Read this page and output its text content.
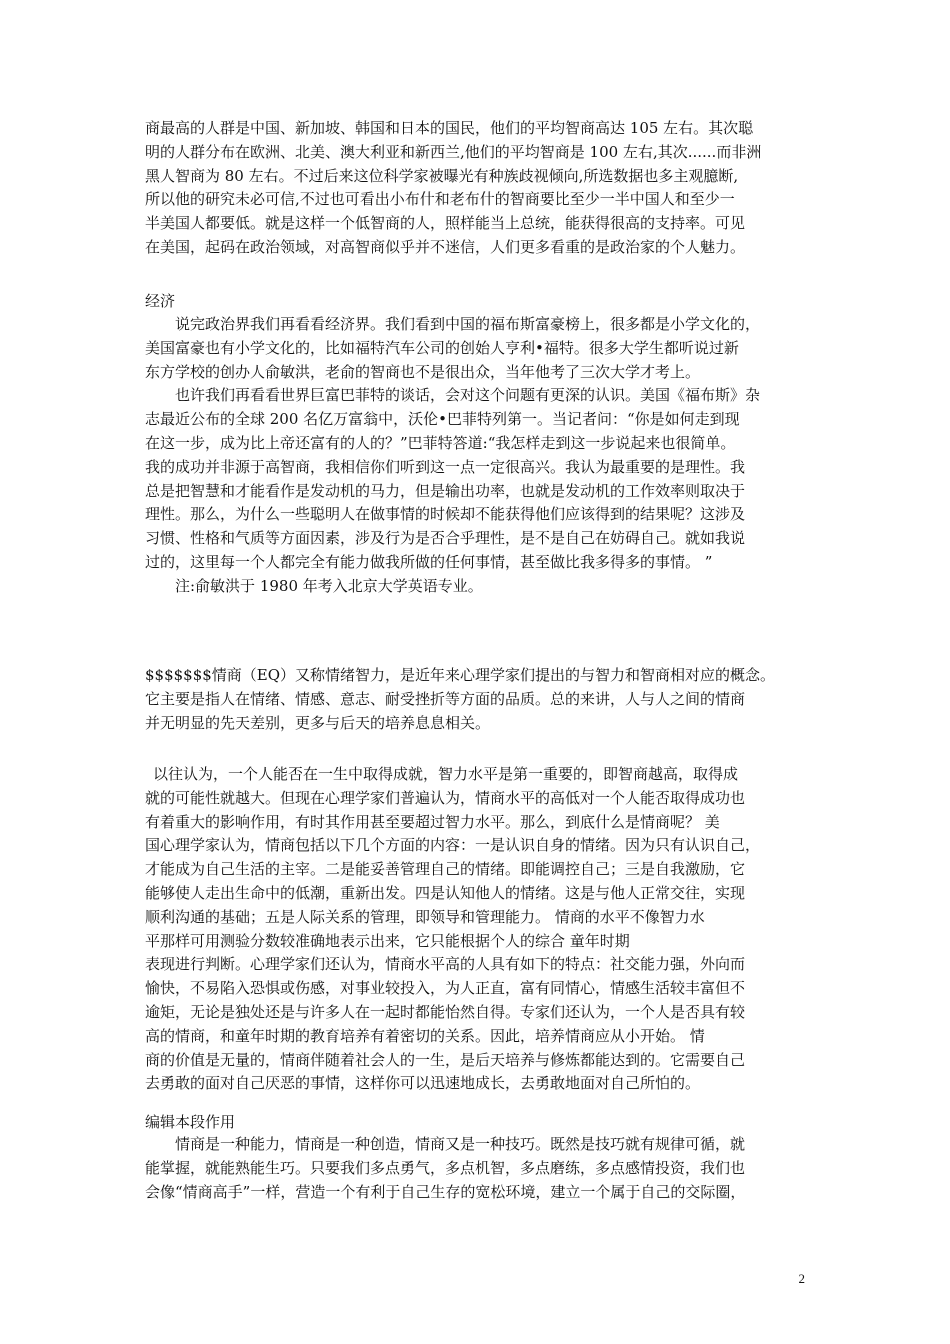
商最高的人群是中国、新加坡、韩国和日本的国民，他们的平均智商高达 105 左右。其次聪
明的人群分布在欧洲、北美、澳大利亚和新西兰,他们的平均智商是 100 左右,其次......而非洲
黑人智商为 80 左右。不过后来这位科学家被曝光有种族歧视倾向,所选数据也多主观臆断,
所以他的研究未必可信,不过也可看出小布什和老布什的智商要比至少一半中国人和至少一
半美国人都要低。就是这样一个低智商的人，照样能当上总统，能获得很高的支持率。可见
在美国，起码在政治领域，对高智商似乎并不迷信，人们更多看重的是政治家的个人魅力。
经济
说完政治界我们再看看经济界。我们看到中国的福布斯富豪榜上，很多都是小学文化的，
美国富豪也有小学文化的，比如福特汽车公司的创始人亨利•福特。很多大学生都听说过新
东方学校的创办人俞敏洪，老俞的智商也不是很出众，当年他考了三次大学才考上。
也许我们再看看世界巨富巴菲特的谈话，会对这个问题有更深的认识。美国《福布斯》杂
志最近公布的全球 200 名亿万富翁中，沃伦•巴菲特列第一。当记者问：“你是如何走到现
在这一步，成为比上帝还富有的人的？”巴菲特答道:“我怎样走到这一步说起来也很简单。
我的成功并非源于高智商，我相信你们听到这一点一定很高兴。我认为最重要的是理性。我
总是把智慧和才能看作是发动机的马力，但是输出功率，也就是发动机的工作效率则取决于
理性。那么，为什么一些聪明人在做事情的时候却不能获得他们应该得到的结果呢？这涉及
习惯、性格和气质等方面因素，涉及行为是否合乎理性，是不是自己在妨碍自己。就如我说
过的，这里每一个人都完全有能力做我所做的任何事情，甚至做比我多得多的事情。 ”
注:俞敏洪于 1980 年考入北京大学英语专业。
$$$$$$$情商（EQ）又称情绪智力，是近年来心理学家们提出的与智力和智商相对应的概念。
它主要是指人在情绪、情感、意志、耐受挫折等方面的品质。总的来讲，人与人之间的情商
并无明显的先天差别，更多与后天的培养息息相关。
以往认为，一个人能否在一生中取得成就，智力水平是第一重要的，即智商越高，取得成
就的可能性就越大。但现在心理学家们普遍认为，情商水平的高低对一个人能否取得成功也
有着重大的影响作用，有时其作用甚至要超过智力水平。那么，到底什么是情商呢？ 美
国心理学家认为，情商包括以下几个方面的内容：一是认识自身的情绪。因为只有认识自己，
才能成为自己生活的主宰。二是能妥善管理自己的情绪。即能调控自己；三是自我激励，它
能够使人走出生命中的低潮，重新出发。四是认知他人的情绪。这是与他人正常交往，实现
顺利沟通的基础；五是人际关系的管理，即领导和管理能力。 情商的水平不像智力水
平那样可用测验分数较准确地表示出来，它只能根据个人的综合 童年时期
表现进行判断。心理学家们还认为，情商水平高的人具有如下的特点：社交能力强，外向而
愉快，不易陷入恐惧或伤感，对事业较投入，为人正直，富有同情心，情感生活较丰富但不
逾矩，无论是独处还是与许多人在一起时都能怡然自得。专家们还认为，一个人是否具有较
高的情商，和童年时期的教育培养有着密切的关系。因此，培养情商应从小开始。 情
商的价值是无量的，情商伴随着社会人的一生，是后天培养与修炼都能达到的。它需要自己
去勇敢的面对自己厌恶的事情，这样你可以迅速地成长，去勇敢地面对自己所怕的。
编辑本段作用
情商是一种能力，情商是一种创造，情商又是一种技巧。既然是技巧就有规律可循，就
能掌握，就能熟能生巧。只要我们多点勇气，多点机智，多点磨练，多点感情投资，我们也
会像“情商高手”一样，营造一个有利于自己生存的宽松环境，建立一个属于自己的交际圈，
2
